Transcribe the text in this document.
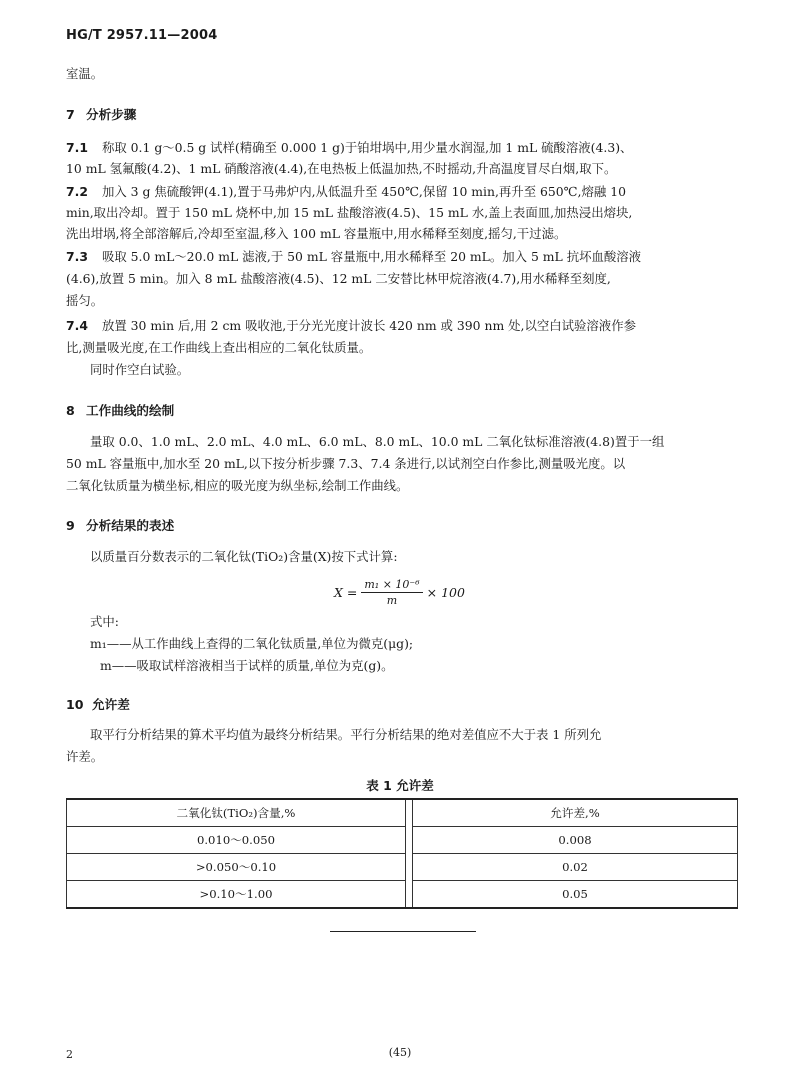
HG/T 2957.11—2004
室温。
7 分析步骤
7.1 称取 0.1 g～0.5 g 试样(精确至 0.000 1 g)于铂坩埚中,用少量水润湿,加 1 mL 硫酸溶液(4.3)、
10 mL 氢氟酸(4.2)、1 mL 硝酸溶液(4.4),在电热板上低温加热,不时摇动,升高温度冒尽白烟,取下。
7.2 加入 3 g 焦硫酸钾(4.1),置于马弗炉内,从低温升至 450℃,保留 10 min,再升至 650℃,熔融 10
min,取出冷却。置于 150 mL 烧杯中,加 15 mL 盐酸溶液(4.5)、15 mL 水,盖上表面皿,加热浸出熔块,
洗出坩埚,将全部溶解后,冷却至室温,移入 100 mL 容量瓶中,用水稀释至刻度,摇匀,干过滤。
7.3 吸取 5.0 mL～20.0 mL 滤液,于 50 mL 容量瓶中,用水稀释至 20 mL。加入 5 mL 抗坏血酸溶液
(4.6),放置 5 min。加入 8 mL 盐酸溶液(4.5)、12 mL 二安替比林甲烷溶液(4.7),用水稀释至刻度,
摇匀。
7.4 放置 30 min 后,用 2 cm 吸收池,于分光光度计波长 420 nm 或 390 nm 处,以空白试验溶液作参
比,测量吸光度,在工作曲线上查出相应的二氧化钛质量。
同时作空白试验。
8 工作曲线的绘制
量取 0.0、1.0 mL、2.0 mL、4.0 mL、6.0 mL、8.0 mL、10.0 mL 二氧化钛标准溶液(4.8)置于一组
50 mL 容量瓶中,加水至 20 mL,以下按分析步骤 7.3、7.4 条进行,以试剂空白作参比,测量吸光度。以
二氧化钛质量为横坐标,相应的吸光度为纵坐标,绘制工作曲线。
9 分析结果的表述
以质量百分数表示的二氧化钛(TiO₂)含量(X)按下式计算:
$X = \frac{\text{m₁ × 10⁻⁶}}{m} \times 100$
式中:
m₁——从工作曲线上查得的二氧化钛质量,单位为微克(μg);
m——吸取试样溶液相当于试样的质量,单位为克(g)。
10 允许差
取平行分析结果的算术平均值为最终分析结果。平行分析结果的绝对差值应不大于表 1 所列允
许差。
表 1 允许差
二氧化钛(TiO₂)含量,%		允许差,%
0.010～0.050		0.008
>0.050～0.10		0.02
>0.10～1.00		0.05
2	(45)
